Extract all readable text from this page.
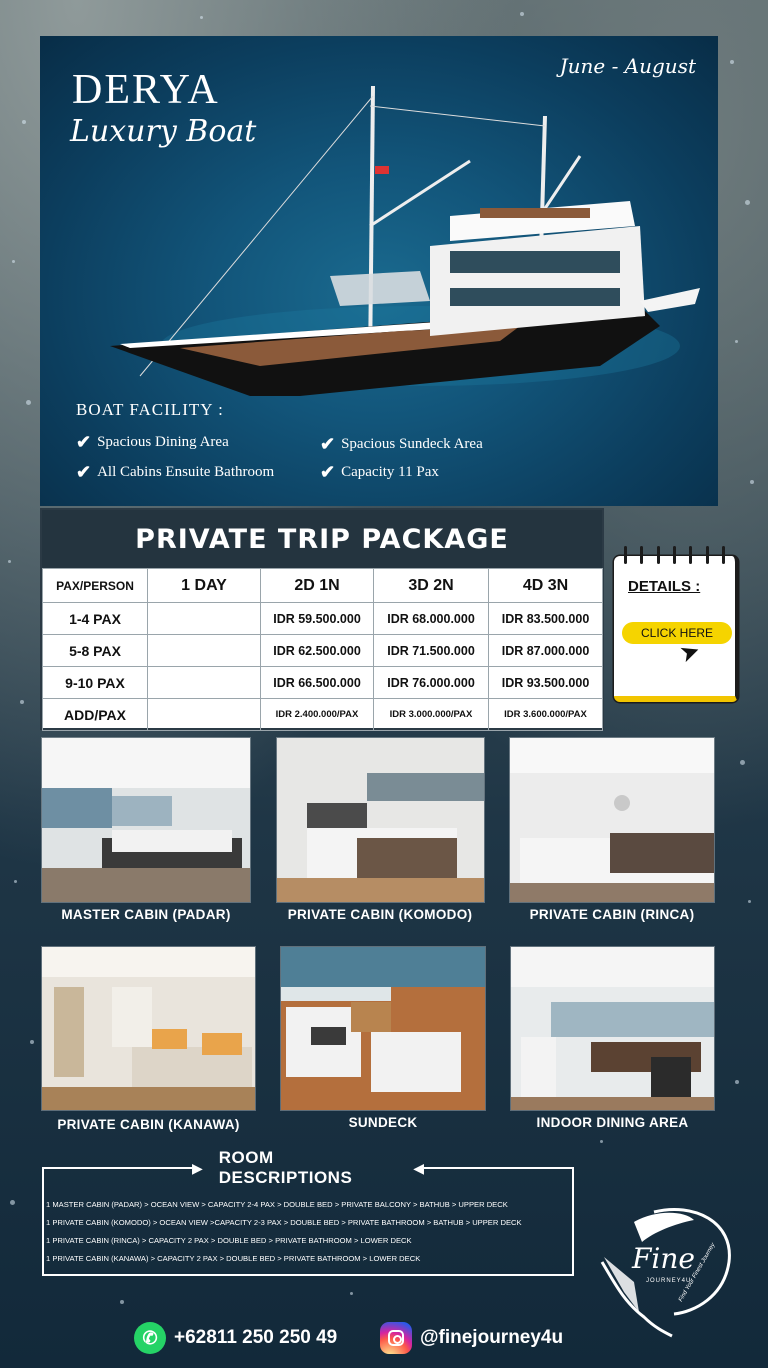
DERYA
Luxury Boat
June - August
BOAT FACILITY :
✔ Spacious Dining Area	✔ Spacious Sundeck Area
✔ All Cabins Ensuite Bathroom	✔ Capacity 11 Pax
PRIVATE TRIP PACKAGE
PAX/PERSON	1 DAY	2D 1N	3D 2N	4D 3N
1-4 PAX		IDR 59.500.000	IDR 68.000.000	IDR 83.500.000
5-8 PAX		IDR 62.500.000	IDR 71.500.000	IDR 87.000.000
9-10 PAX		IDR 66.500.000	IDR 76.000.000	IDR 93.500.000
ADD/PAX		IDR 2.400.000/PAX	IDR 3.000.000/PAX	IDR 3.600.000/PAX
DETAILS :
CLICK HERE
➤
MASTER CABIN (PADAR)	PRIVATE CABIN (KOMODO)	PRIVATE CABIN (RINCA)
PRIVATE CABIN (KANAWA)	SUNDECK	INDOOR DINING AREA
▶
ROOM DESCRIPTIONS	◀
1 MASTER CABIN (PADAR) > OCEAN VIEW > CAPACITY 2-4 PAX > DOUBLE BED > PRIVATE BALCONY > BATHUB > UPPER DECK
1 PRIVATE CABIN (KOMODO) > OCEAN VIEW >CAPACITY 2-3 PAX > DOUBLE BED > PRIVATE BATHROOM > BATHUB > UPPER DECK
1 PRIVATE CABIN (RINCA) > CAPACITY 2 PAX > DOUBLE BED > PRIVATE BATHROOM > LOWER DECK
1 PRIVATE CABIN (KANAWA) > CAPACITY 2 PAX > DOUBLE BED > PRIVATE BATHROOM > LOWER DECK	Fine
JOURNEY4U
Find Your Finest Journey
✆ +62811 250 250 49	@finejourney4u
